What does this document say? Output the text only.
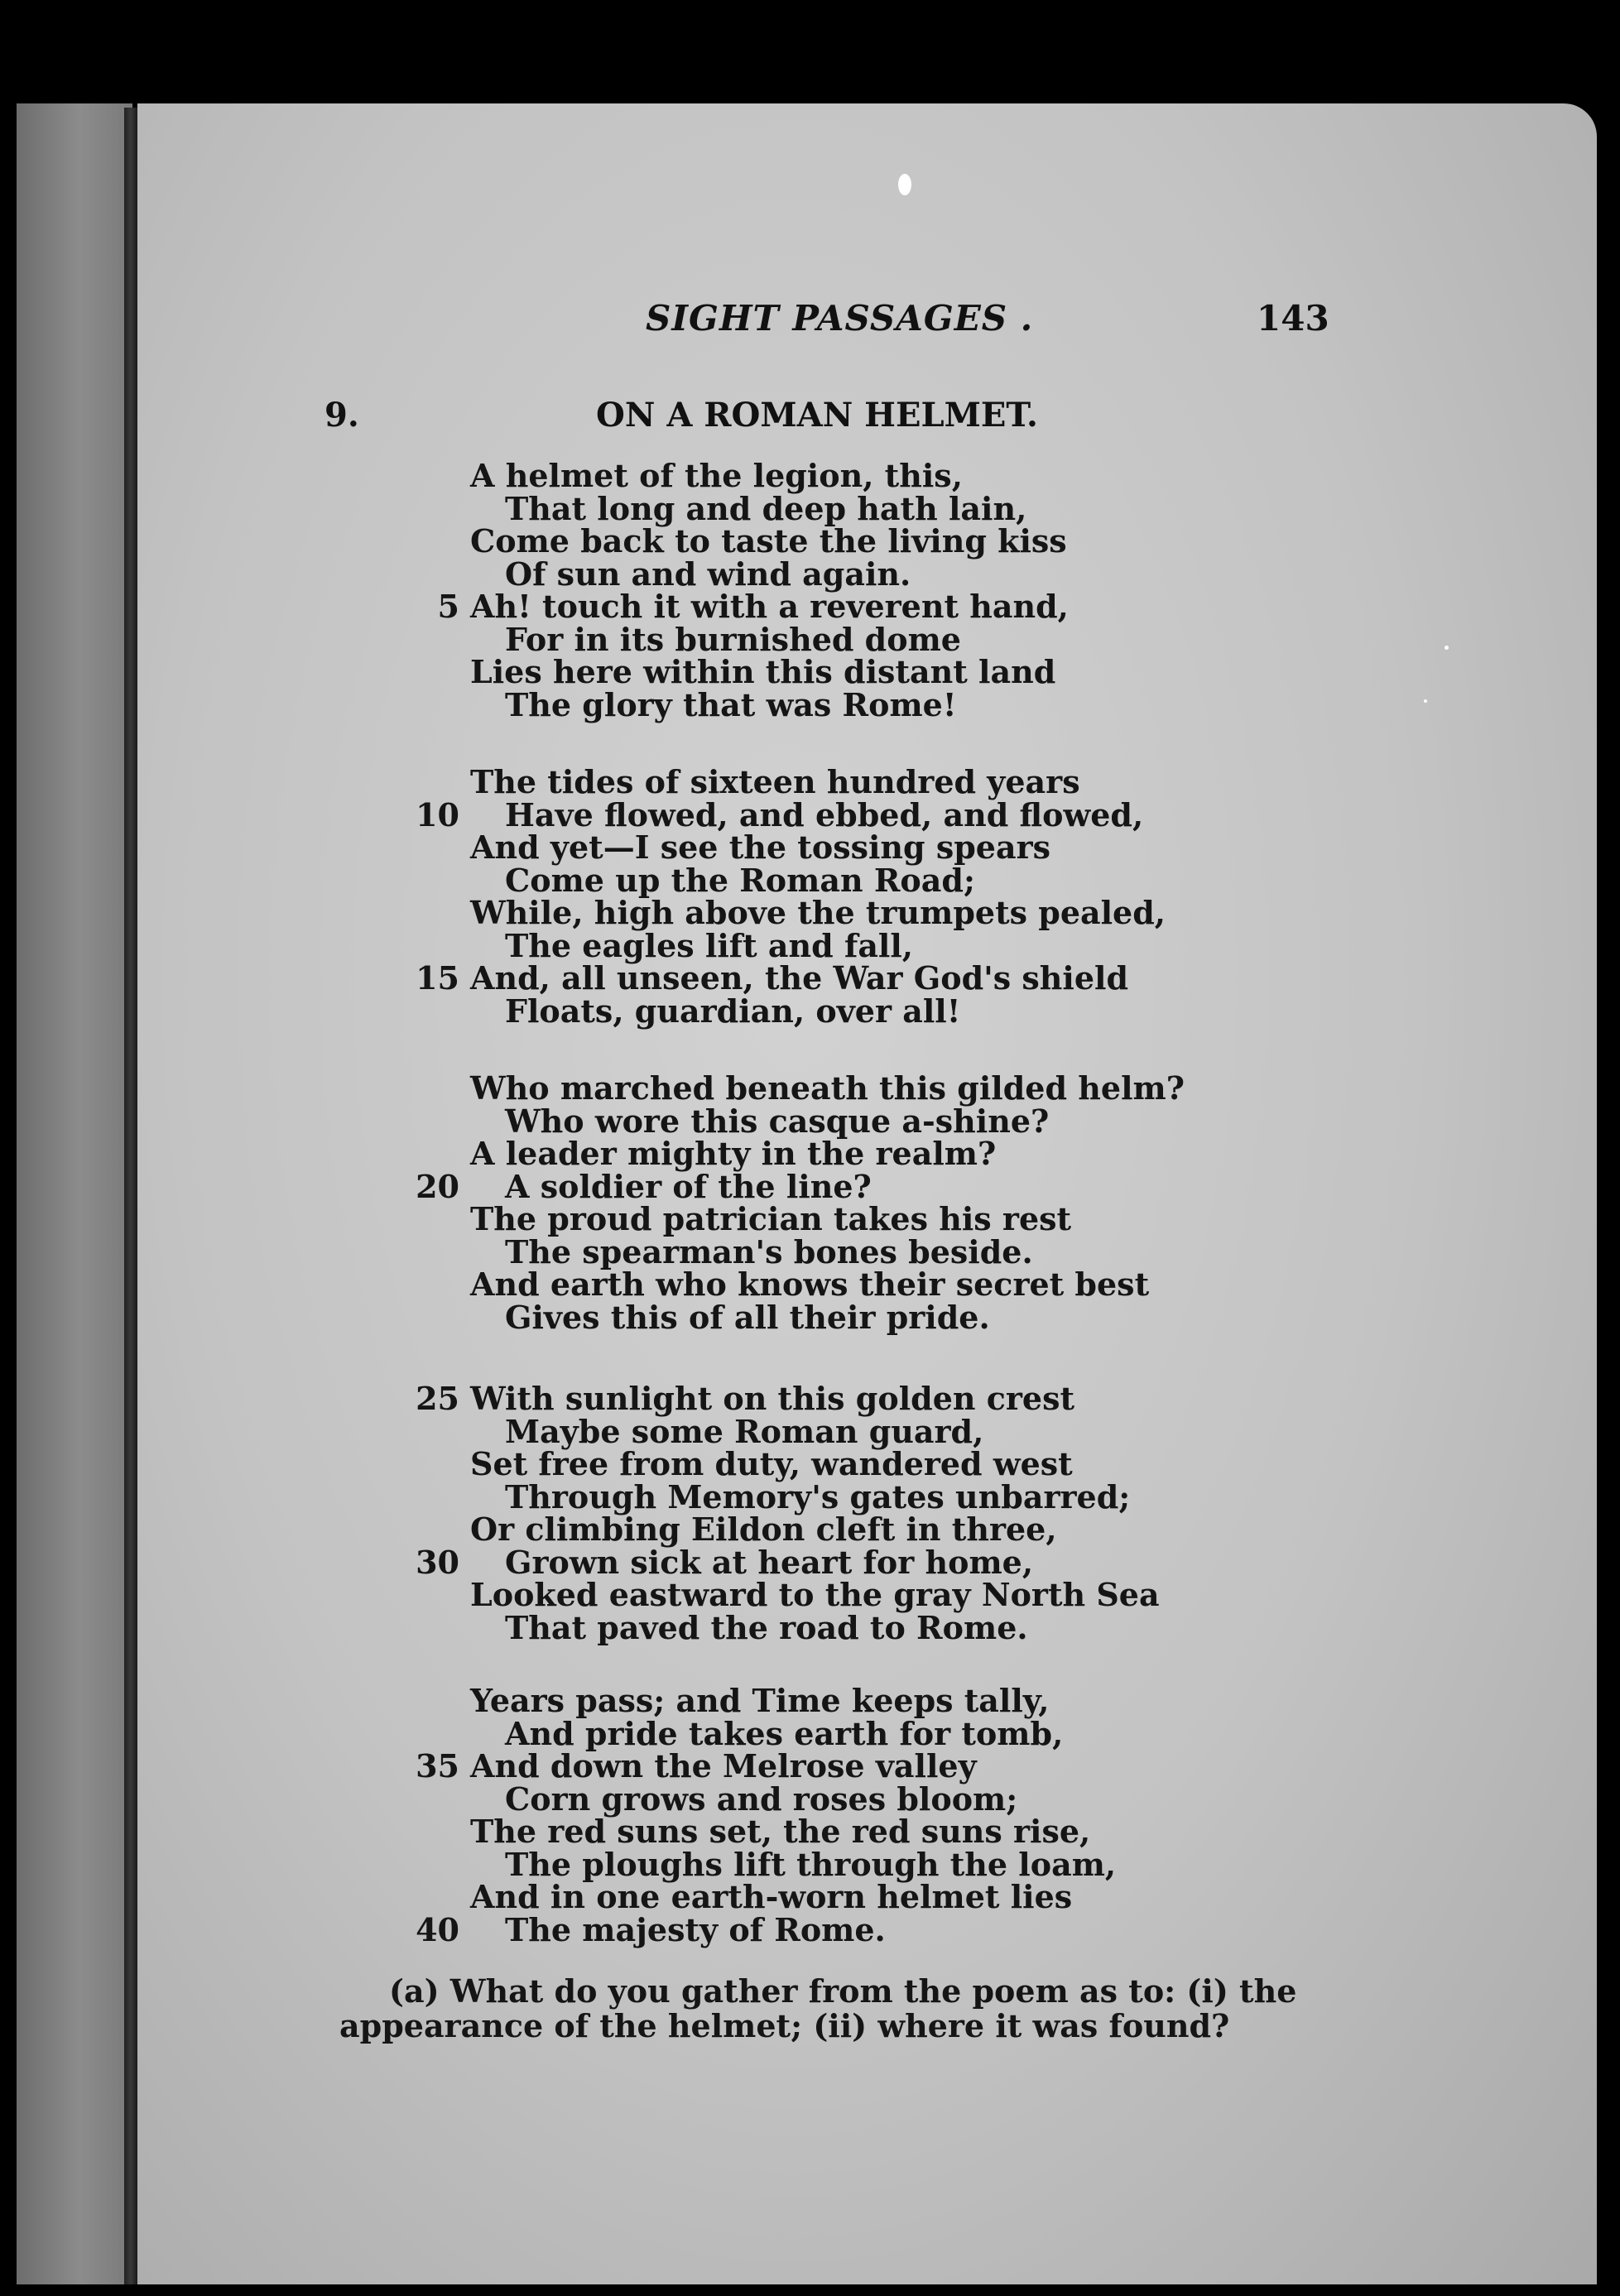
SIGHT PASSAGES .	143
9.	ON A ROMAN HELMET.
A helmet of the legion, this,
That long and deep hath lain,
Come back to taste the living kiss
Of sun and wind again.
Ah! touch it with a reverent hand,
5
For in its burnished dome
Lies here within this distant land
The glory that was Rome!
The tides of sixteen hundred years
Have flowed, and ebbed, and flowed,
10
And yet—I see the tossing spears
Come up the Roman Road;
While, high above the trumpets pealed,
The eagles lift and fall,
And, all unseen, the War God's shield
15
Floats, guardian, over all!
Who marched beneath this gilded helm?
Who wore this casque a-shine?
A leader mighty in the realm?
A soldier of the line?
20
The proud patrician takes his rest
The spearman's bones beside.
And earth who knows their secret best
Gives this of all their pride.
With sunlight on this golden crest
25
Maybe some Roman guard,
Set free from duty, wandered west
Through Memory's gates unbarred;
Or climbing Eildon cleft in three,
Grown sick at heart for home,
30
Looked eastward to the gray North Sea
That paved the road to Rome.
Years pass; and Time keeps tally,
And pride takes earth for tomb,
And down the Melrose valley
35
Corn grows and roses bloom;
The red suns set, the red suns rise,
The ploughs lift through the loam,
And in one earth-worn helmet lies
The majesty of Rome.
40
(a) What do you gather from the poem as to: (i) the appearance of the helmet; (ii) where it was found?
